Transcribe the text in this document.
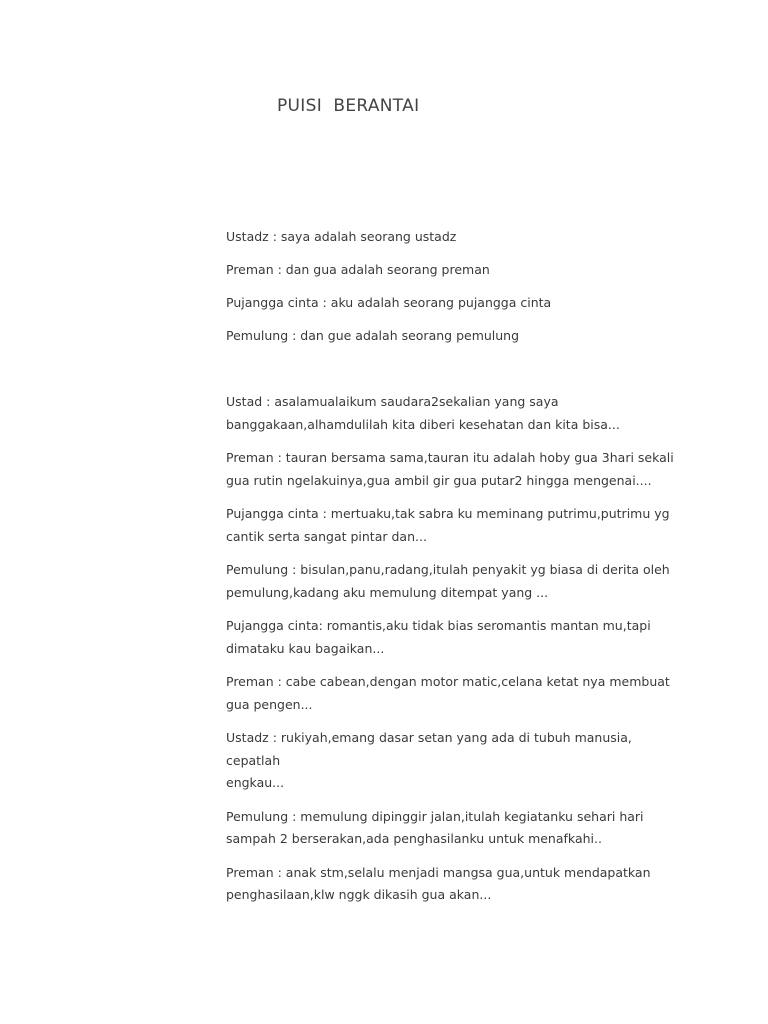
PUISI  BERANTAI

Ustadz : saya adalah seorang ustadz

Preman : dan gua adalah seorang preman

Pujangga cinta : aku adalah seorang pujangga cinta

Pemulung : dan gue adalah seorang pemulung

Ustad : asalamualaikum saudara2sekalian yang saya
banggakaan,alhamdulilah kita diberi kesehatan dan kita bisa...

Preman : tauran bersama sama,tauran itu adalah hoby gua 3hari sekali
gua rutin ngelakuinya,gua ambil gir gua putar2 hingga mengenai....

Pujangga cinta : mertuaku,tak sabra ku meminang putrimu,putrimu yg
cantik serta sangat pintar dan...

Pemulung : bisulan,panu,radang,itulah penyakit yg biasa di derita oleh
pemulung,kadang aku memulung ditempat yang ...

Pujangga cinta: romantis,aku tidak bias seromantis mantan mu,tapi
dimataku kau bagaikan...

Preman : cabe cabean,dengan motor matic,celana ketat nya membuat
gua pengen...

Ustadz : rukiyah,emang dasar setan yang ada di tubuh manusia, cepatlah
engkau...

Pemulung : memulung dipinggir jalan,itulah kegiatanku sehari hari
sampah 2 berserakan,ada penghasilanku untuk menafkahi..

Preman : anak stm,selalu menjadi mangsa gua,untuk mendapatkan
penghasilaan,klw nggk dikasih gua akan...
